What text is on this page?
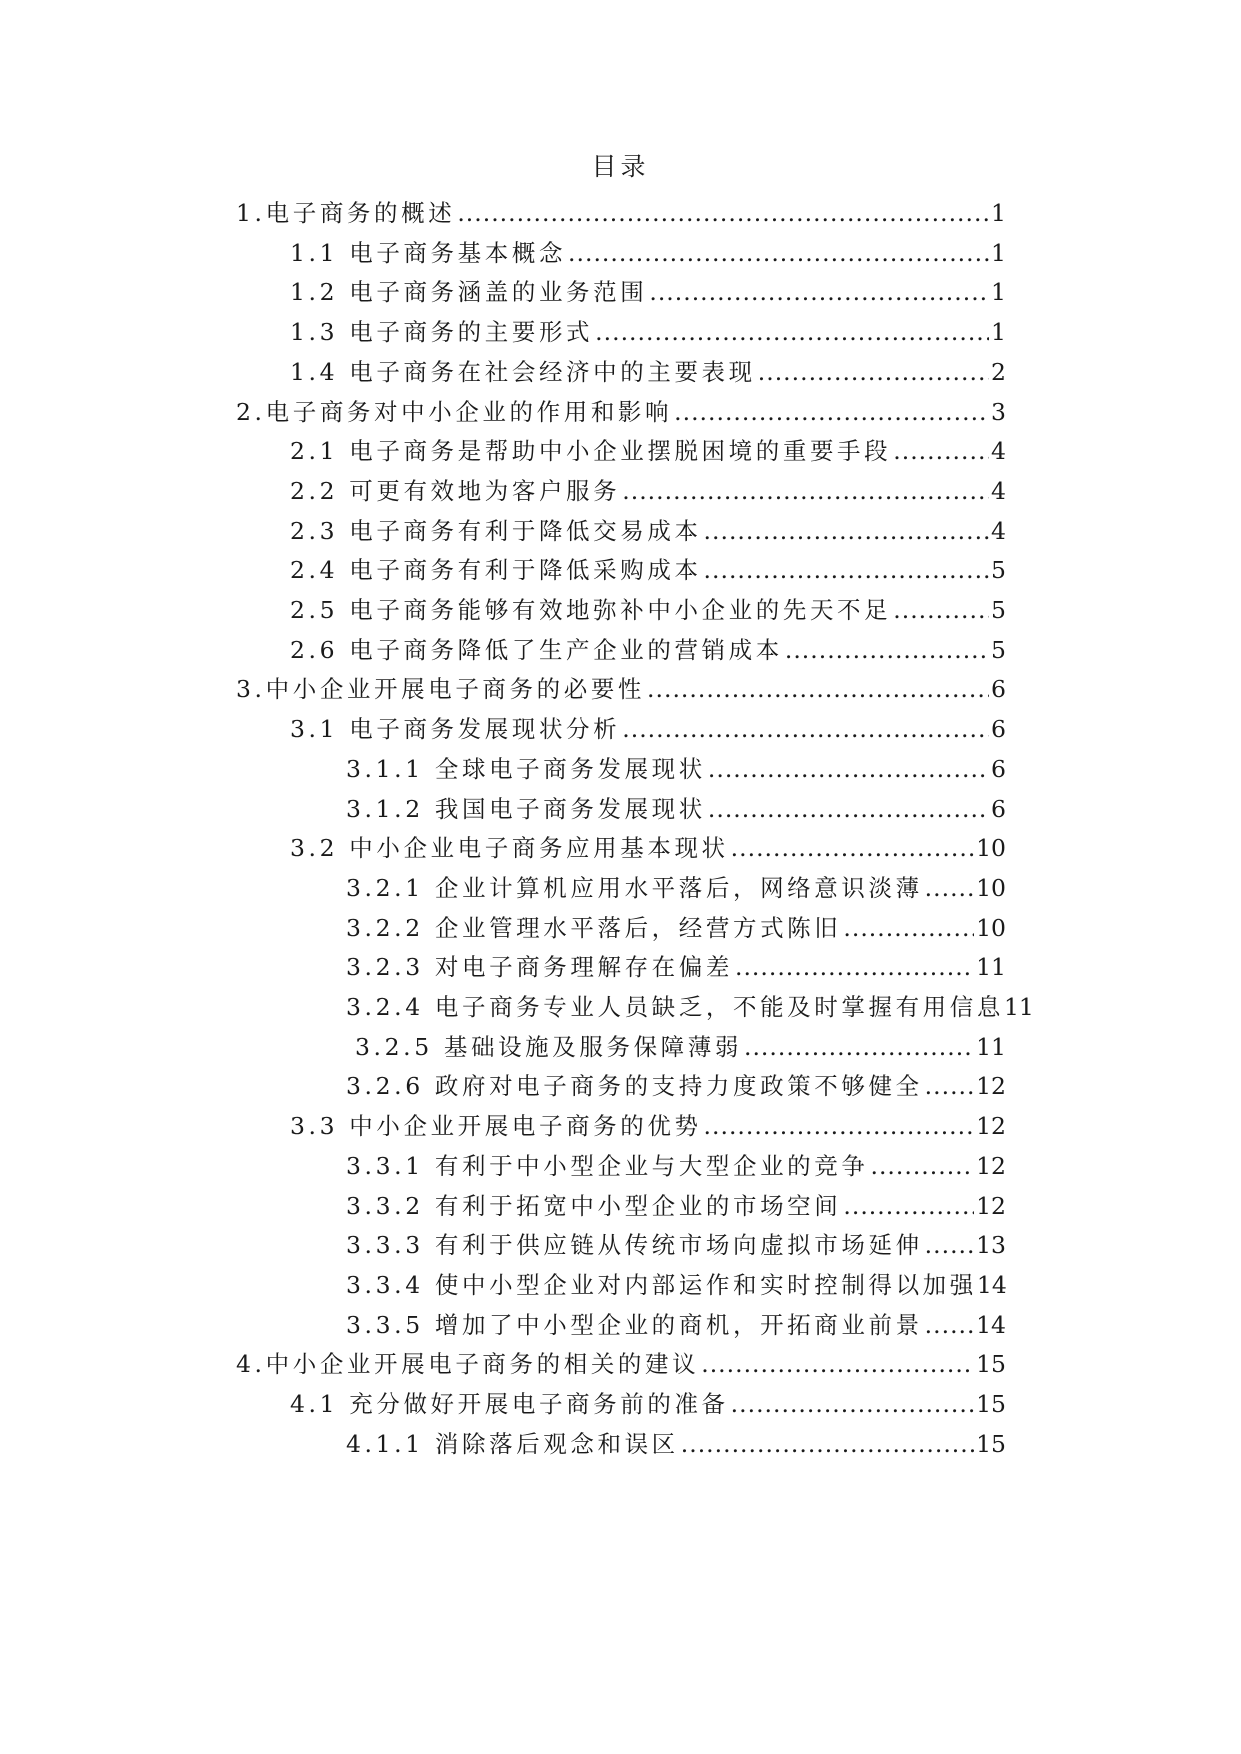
目录
1.电子商务的概述 .....	1
1.1 电子商务基本概念 .....	1
1.2 电子商务涵盖的业务范围 .....	1
1.3 电子商务的主要形式 .....	1
1.4 电子商务在社会经济中的主要表现 .....	2
2.电子商务对中小企业的作用和影响 .....	3
2.1 电子商务是帮助中小企业摆脱困境的重要手段 .....	4
2.2 可更有效地为客户服务 .....	4
2.3 电子商务有利于降低交易成本 .....	4
2.4 电子商务有利于降低采购成本 .....	5
2.5 电子商务能够有效地弥补中小企业的先天不足 .....	5
2.6 电子商务降低了生产企业的营销成本 .....	5
3.中小企业开展电子商务的必要性 .....	6
3.1 电子商务发展现状分析 .....	6
3.1.1 全球电子商务发展现状 .....	6
3.1.2 我国电子商务发展现状 .....	6
3.2 中小企业电子商务应用基本现状 .....	10
3.2.1 企业计算机应用水平落后，网络意识淡薄 ..... 10
3.2.2 企业管理水平落后，经营方式陈旧 .....	10
3.2.3 对电子商务理解存在偏差 .....	11
3.2.4 电子商务专业人员缺乏，不能及时掌握有用信息 11
3.2.5 基础设施及服务保障薄弱 .....	11
3.2.6 政府对电子商务的支持力度政策不够健全 ..... 12
3.3 中小企业开展电子商务的优势 .....	12
3.3.1 有利于中小型企业与大型企业的竞争 .....	12
3.3.2 有利于拓宽中小型企业的市场空间 .....	12
3.3.3 有利于供应链从传统市场向虚拟市场延伸 ..... 13
3.3.4 使中小型企业对内部运作和实时控制得以加强 14
3.3.5 增加了中小型企业的商机，开拓商业前景 ..... 14
4.中小企业开展电子商务的相关的建议 .....	15
4.1 充分做好开展电子商务前的准备 .....	15
4.1.1 消除落后观念和误区 .....	15
